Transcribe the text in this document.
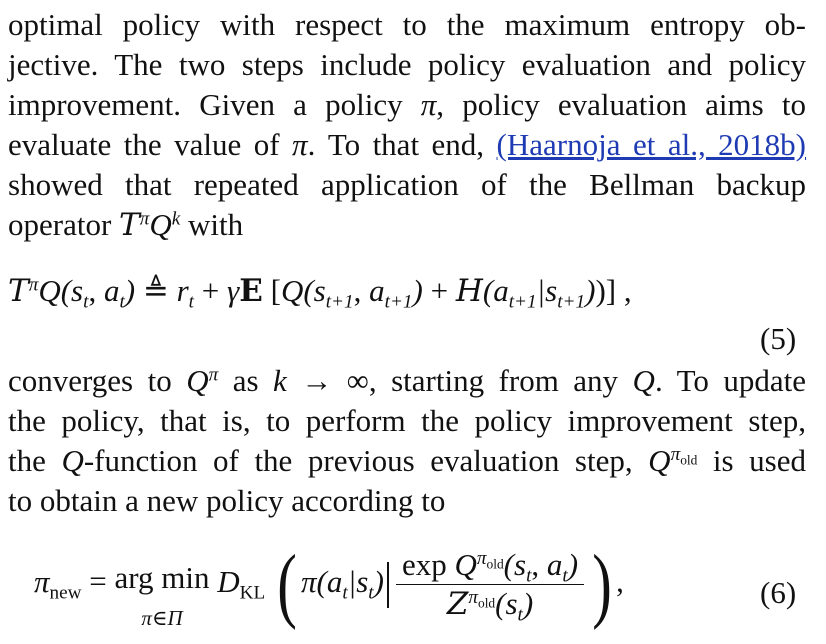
optimal policy with respect to the maximum entropy ob-
jective. The two steps include policy evaluation and policy
improvement. Given a policy π, policy evaluation aims to
evaluate the value of π. To that end, (Haarnoja et al., 2018b)
showed that repeated application of the Bellman backup
operator $T^\pi Q^k$ with
$T^\pi Q(s_t$, $a_t$) ≜ $r_t + \gamma E$ [$Q(s_{t+1}$, $a_{t+1}) + H(a_{t+1}|s_{t+1})$)] ,
(5)
converges to $Q^\pi$ as k → ∞, starting from any Q. To update
the policy, that is, to perform the policy improvement step,
the Q-function of the previous evaluation step, $Q^{\pi_{old}}$ is used
to obtain a new policy according to
$\pi_{new}$ = arg min
π∈Π
$D_{KL}$ ( $\pi(a_t|s_t) \frac{\exp Q^{\pi_{old}}(s_t, a_t)}{Z^{\pi_{old}}(s_t)}$ ) ,	(6)
